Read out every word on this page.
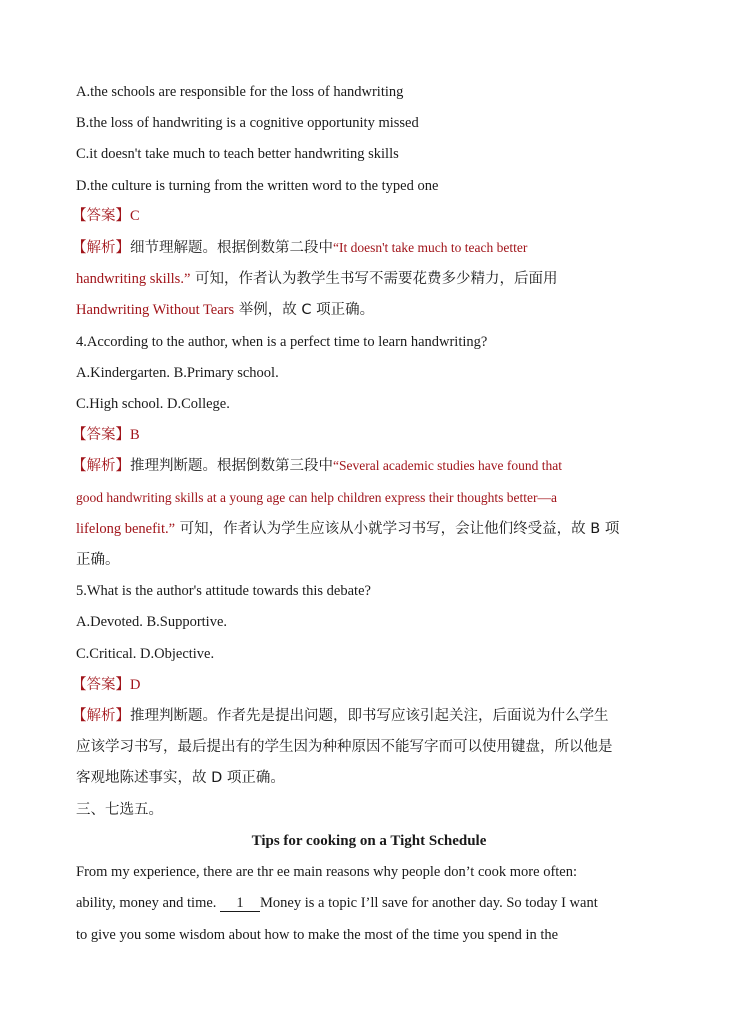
A.the schools are responsible for the loss of handwriting
B.the loss of handwriting is a cognitive opportunity missed
C.it doesn't take much to teach better handwriting skills
D.the culture is turning from the written word to the typed one
【答案】C
【解析】细节理解题。根据倒数第二段中“It doesn't take much to teach better
handwriting skills.” 可知，作者认为教学生书写不需要花费多少精力，后面用
Handwriting Without Tears 举例，故 C 项正确。
4.According to the author, when is a perfect time to learn handwriting?
A.Kindergarten. B.Primary school.
C.High school. D.College.
【答案】B
【解析】推理判断题。根据倒数第三段中“Several academic studies have found that
good handwriting skills at a young age can help children express their thoughts better—a
lifelong benefit.” 可知，作者认为学生应该从小就学习书写，会让他们终受益，故 B 项
正确。
5.What is the author's attitude towards this debate?
A.Devoted. B.Supportive.
C.Critical. D.Objective.
【答案】D
【解析】推理判断题。作者先是提出问题，即书写应该引起关注，后面说为什么学生
应该学习书写，最后提出有的学生因为种种原因不能写字而可以使用键盘，所以他是
客观地陈述事实，故 D 项正确。
三、七选五。
Tips for cooking on a Tight Schedule
From my experience, there are thr ee main reasons why people don’t cook more often:
ability, money and time. 1 Money is a topic I’ll save for another day. So today I want
to give you some wisdom about how to make the most of the time you spend in the
